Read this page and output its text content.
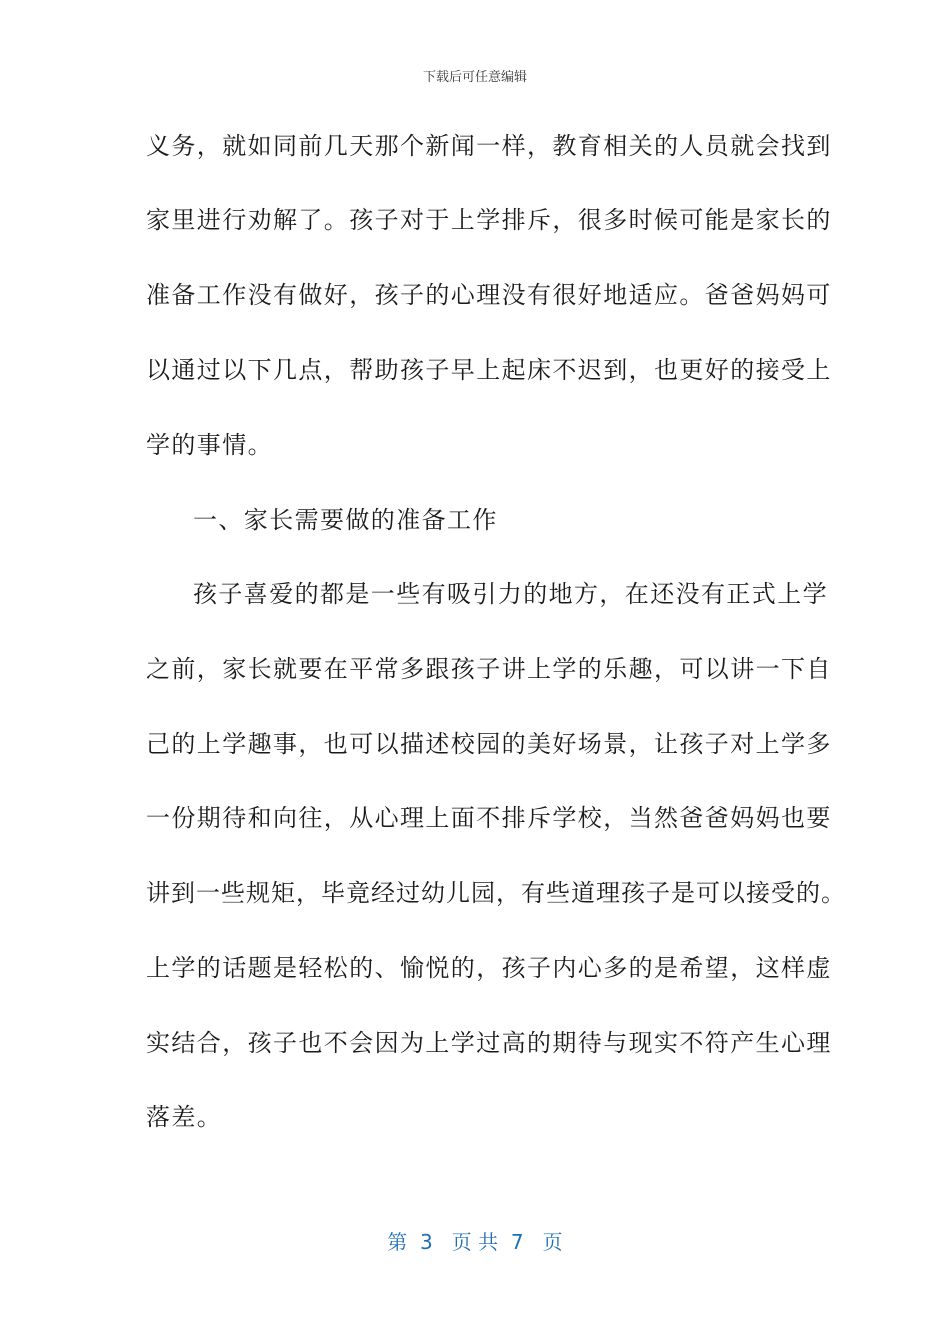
下载后可任意编辑
义务，就如同前几天那个新闻一样，教育相关的人员就会找到
家里进行劝解了。孩子对于上学排斥，很多时候可能是家长的
准备工作没有做好，孩子的心理没有很好地适应。爸爸妈妈可
以通过以下几点，帮助孩子早上起床不迟到，也更好的接受上
学的事情。
一、家长需要做的准备工作
孩子喜爱的都是一些有吸引力的地方，在还没有正式上学
之前，家长就要在平常多跟孩子讲上学的乐趣，可以讲一下自
己的上学趣事，也可以描述校园的美好场景，让孩子对上学多
一份期待和向往，从心理上面不排斥学校，当然爸爸妈妈也要
讲到一些规矩，毕竟经过幼儿园，有些道理孩子是可以接受的。
上学的话题是轻松的、愉悦的，孩子内心多的是希望，这样虚
实结合，孩子也不会因为上学过高的期待与现实不符产生心理
落差。
第  3   页 共  7   页
